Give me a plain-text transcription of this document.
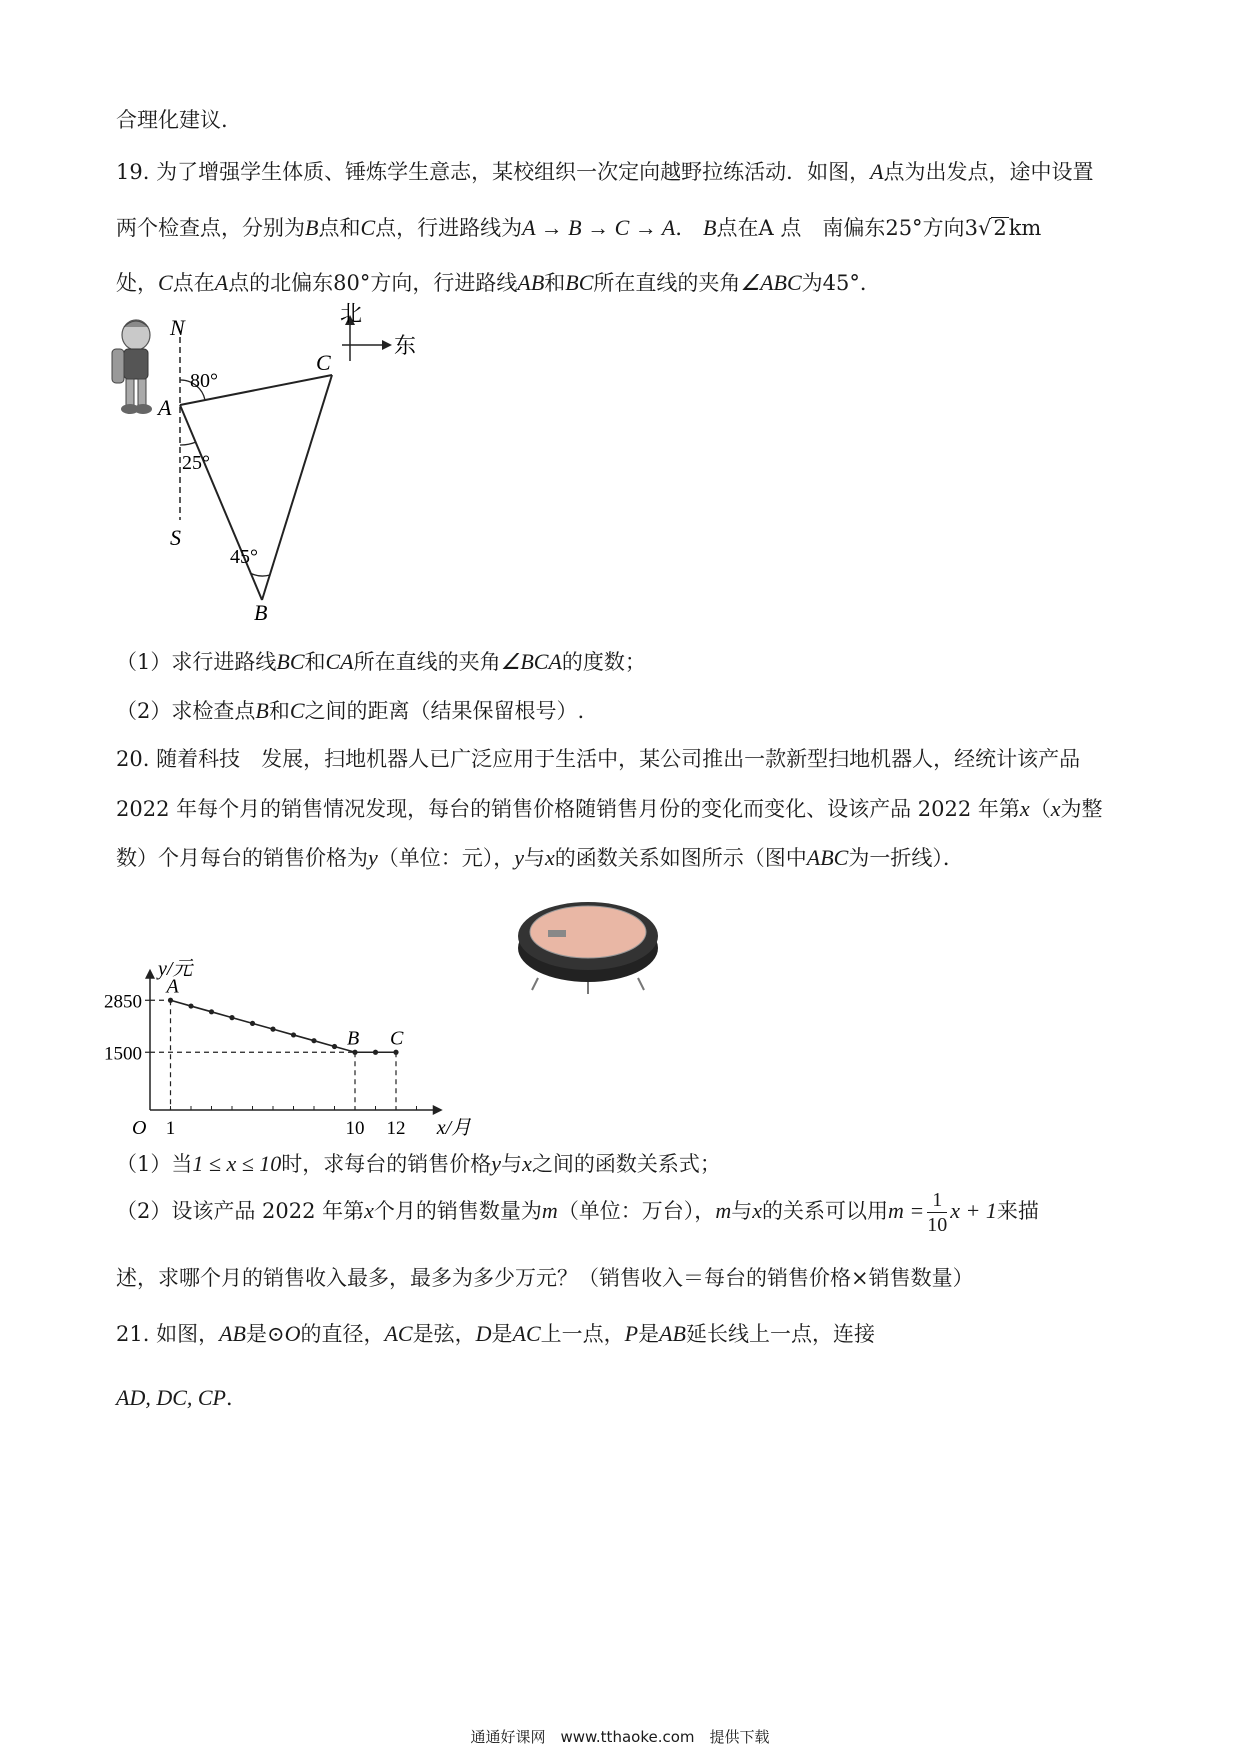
合理化建议.
19. 为了增强学生体质、锤炼学生意志，某校组织一次定向越野拉练活动．如图，A点为出发点，途中设置
两个检查点，分别为B点和C点，行进路线为A → B → C → A． B点在A 点　南偏东25°方向3√2km
处，C点在A点的北偏东80°方向，行进路线AB和BC所在直线的夹角∠ABC为45°．
N
S
A
B
C
80°
25°
45°
北
东
（1）求行进路线BC和CA所在直线的夹角∠BCA的度数；
（2）求检查点B和C之间的距离（结果保留根号）.
20. 随着科技　发展，扫地机器人已广泛应用于生活中，某公司推出一款新型扫地机器人，经统计该产品
2022 年每个月的销售情况发现，每台的销售价格随销售月份的变化而变化、设该产品 2022 年第x（x为整
数）个月每台的销售价格为y（单位：元），y与x的函数关系如图所示（图中ABC为一折线）．
x/月
y/元
O 1	10 12
1500
2850
A
B C
（1）当1 ≤ x ≤ 10时，求每台的销售价格y与x之间的函数关系式；
（2）设该产品 2022 年第x个月的销售数量为m（单位：万台），m与x的关系可以用$m = \frac{1}{10}$ x + 1来描
述，求哪个月的销售收入最多，最多为多少万元？（销售收入＝每台的销售价格×销售数量）
21. 如图，AB是⊙O的直径，AC是弦，D是AC上一点，P是AB延长线上一点，连接
AD, DC, CP．
通通好课网　www.tthaoke.com　提供下载
